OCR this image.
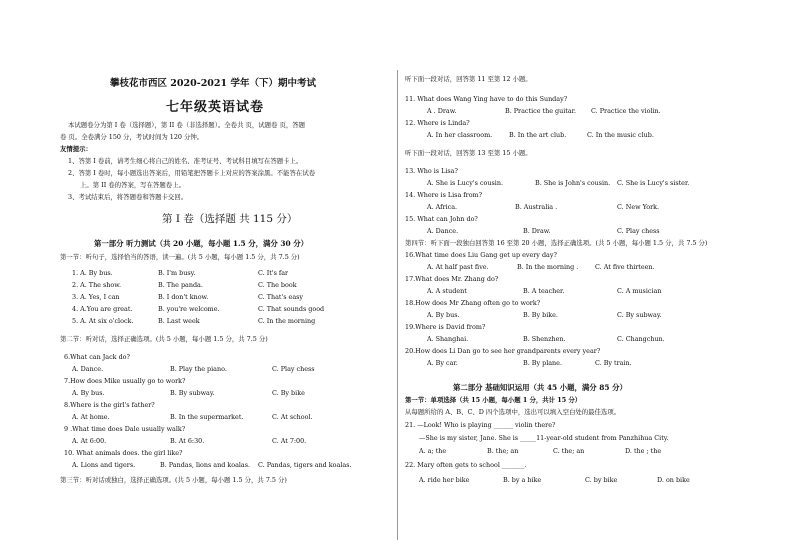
攀枝花市西区 2020-2021 学年（下）期中考试
七年级英语试卷
本试题卷分为第 I 卷（选择题），第 II 卷（非选择题）。全卷共 页，试题卷 页，答题
卷 页。全卷满分 150 分，考试时间为 120 分钟。
友情提示：
1、答第 I 卷前，请考生细心将自己的姓名、准考证号、考试科目填写在答题卡上。
2、答第 I 卷时，每小题选出答案后，用铅笔把答题卡上对应的答案涂黑。不能答在试卷
上。第 II 卷的答案，写在答题卷上。
3、考试结束后，将答题卷和答题卡交回。
第 I 卷（选择题 共 115 分）
第一部分 听力测试（共 20 小题，每小题 1.5 分，满分 30 分）
第一节：听句子，选择恰当的答语，读一遍。(共 5 小题，每小题 1.5 分，共 7.5 分)
1. A. By bus.	B. I'm busy.	C. It's far
2. A. The show.	B. The panda.	C. The book
3. A. Yes, I can	B. I don't know.	C. That's easy
4. A.You are great.	B. you're welcome.	C. That sounds good
5. A. At six o'clock.	B. Last week	C. In the morning
第二节：听对话，选择正确选项。(共 5 小题，每小题 1.5 分，共 7.5 分)
6.What can Jack do?
A. Dance.	B. Play the piano.	C. Play chess
7.How does Mike usually go to work?
A. By bus.	B. By subway.	C. By bike
8.Where is the girl's father?
A. At home.	B. In the supermarket.	C. At school.
9 .What time does Dale usually walk?
A. At 6:00.	B. At 6:30.	C. At 7:00.
10. What animals does. the girl like?
A. Lions and tigers.	B. Pandas, lions and koalas. C. Pandas, tigers and koalas.
第三节：听对话或独白，选择正确选项。(共 5 小题，每小题 1.5 分，共 7.5 分)
听下面一段对话，回答第 11 至第 12 小题。
11. What does Wang Ying have to do this Sunday?
A . Draw.	B. Practice the guitar. C. Practice the violin.
12. Where is Linda?
A. In her classroom.	B. In the art club.	C. In the music club.
听下面一段对话，回答第 13 至第 15 小题。
13. Who is Lisa?
A. She is Lucy's cousin.	B. She is John's cousin. C. She is Lucy's sister.
14. Where is Lisa from?
A. Africa.	B. Australia .	C. New York.
15. What can John do?
A. Dance.	B. Draw.	C. Play chess
第四节：听下面一段独白回答第 16 至第 20 小题，选择正确选项。(共 5 小题，每小题 1.5 分，共 7.5 分)
16.What time does Liu Gang get up every day?
A. At half past five.	B. In the morning .	C. At five thirteen.
17.What does Mr. Zhang do?
A. A student	B. A teacher.	C. A musician
18.How does Mr Zhang often go to work?
A. By bus.	B. By bike.	C. By subway.
19.Where is David from?
A. Shanghai.	B. Shenzhen.	C. Changchun.
20.How does Li Dan go to see her grandparents every year?
A. By car.	B. By plane.	C. By train.
第二部分 基础知识运用（共 45 小题，满分 85 分）
第一节：单项选择（共 15 小题，每小题 1 分，共计 15 分）
从每题所给的 A、B、C、D 四个选项中，选出可以填入空白处的最佳选项。
21. —Look! Who is playing ______ violin there?
—She is my sister, Jane. She is _____11-year-old student from Panzhihua City.
A. a; the	B. the; an	C. the; an	D. the ; the
22. Mary often gets to school _______.
A. ride her bike	B. by a bike	C. by bike	D. on bike
